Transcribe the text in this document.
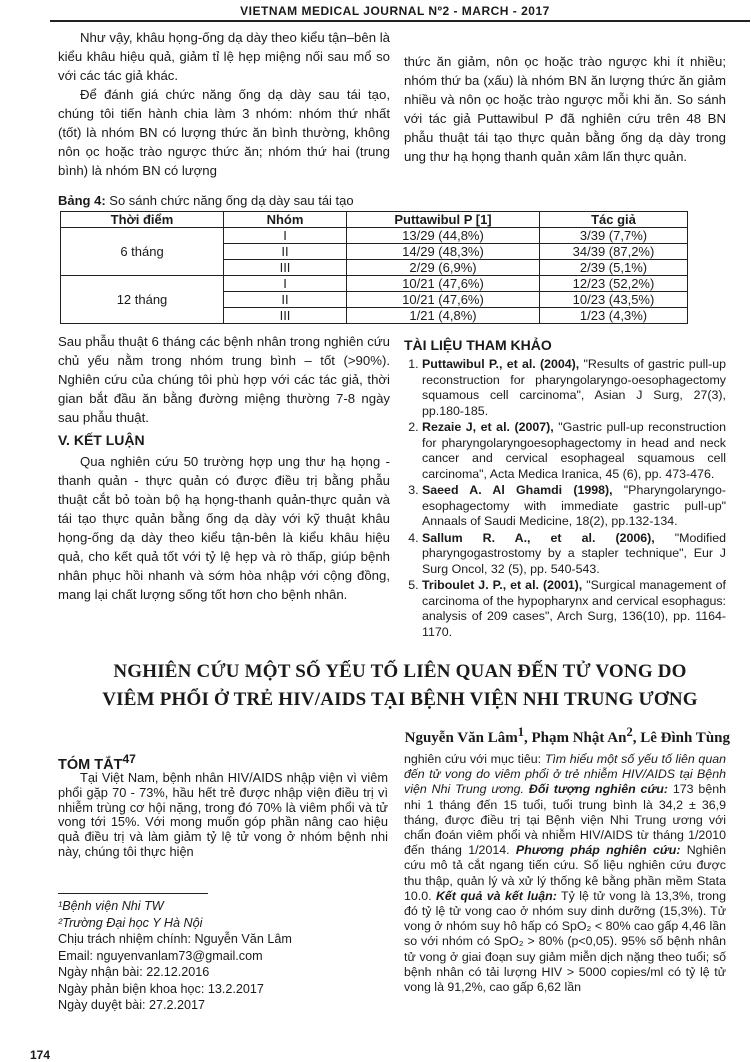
VIETNAM MEDICAL JOURNAL Nº2 - MARCH - 2017

Như vậy, khâu họng-ống dạ dày theo kiểu tận–bên là kiểu khâu hiệu quả, giảm tỉ lệ hẹp miệng nối sau mổ so với các tác giả khác.

Để đánh giá chức năng ống dạ dày sau tái tạo, chúng tôi tiến hành chia làm 3 nhóm: nhóm thứ nhất (tốt) là nhóm BN có lượng thức ăn bình thường, không nôn ọc hoặc trào ngược thức ăn; nhóm thứ hai (trung bình) là nhóm BN có lượng

thức ăn giảm, nôn ọc hoặc trào ngược khi ít nhiều; nhóm thứ ba (xấu) là nhóm BN ăn lượng thức ăn giảm nhiều và nôn ọc hoặc trào ngược mỗi khi ăn. So sánh với tác giả Puttawibul P đã nghiên cứu trên 48 BN phẫu thuật tái tạo thực quản bằng ống dạ dày trong ung thư hạ họng thanh quản xâm lấn thực quản.

Bảng 4: So sánh chức năng ống dạ dày sau tái tạo
Thời điểm	Nhóm	Puttawibul P [1]	Tác giả
6 tháng	I	13/29 (44,8%)	3/39 (7,7%)
	II	14/29 (48,3%)	34/39 (87,2%)
	III	2/29 (6,9%)	2/39 (5,1%)
12 tháng	I	10/21 (47,6%)	12/23 (52,2%)
	II	10/21 (47,6%)	10/23 (43,5%)
	III	1/21 (4,8%)	1/23 (4,3%)

Sau phẫu thuật 6 tháng các bệnh nhân trong nghiên cứu chủ yếu nằm trong nhóm trung bình – tốt (>90%). Nghiên cứu của chúng tôi phù hợp với các tác giả, thời gian bắt đầu ăn bằng đường miệng thường 7-8 ngày sau phẫu thuật.

V. KẾT LUẬN

Qua nghiên cứu 50 trường hợp ung thư hạ họng - thanh quản - thực quản có được điều trị bằng phẫu thuật cắt bỏ toàn bộ hạ họng-thanh quản-thực quản và tái tạo thực quản bằng ống dạ dày với kỹ thuật khâu họng-ống dạ dày theo kiểu tận-bên là kiểu khâu hiệu quả, cho kết quả tốt với tỷ lệ hẹp và rò thấp, giúp bệnh nhân phục hồi nhanh và sớm hòa nhập với cộng đồng, mang lại chất lượng sống tốt hơn cho bệnh nhân.

TÀI LIỆU THAM KHẢO
1. Puttawibul P., et al. (2004), "Results of gastric pull-up reconstruction for pharyngolaryngo-oesophagectomy squamous cell carcinoma", Asian J Surg, 27(3), pp.180-185.
2. Rezaie J, et al. (2007), "Gastric pull-up reconstruction for pharyngolaryngoesophagectomy in head and neck cancer and cervical esophageal squamous cell carcinoma", Acta Medica Iranica, 45 (6), pp. 473-476.
3. Saeed A. Al Ghamdi (1998), "Pharyngolaryngo-esophagectomy with immediate gastric pull-up" Annaals of Saudi Medicine, 18(2), pp.132-134.
4. Sallum R. A., et al. (2006), "Modified pharyngogastrostomy by a stapler technique", Eur J Surg Oncol, 32 (5), pp. 540-543.
5. Triboulet J. P., et al. (2001), "Surgical management of carcinoma of the hypopharynx and cervical esophagus: analysis of 209 cases", Arch Surg, 136(10), pp. 1164-1170.
NGHIÊN CỨU MỘT SỐ YẾU TỐ LIÊN QUAN ĐẾN TỬ VONG DO
VIÊM PHỔI Ở TRẺ HIV/AIDS TẠI BỆNH VIỆN NHI TRUNG ƯƠNG
Nguyễn Văn Lâm$^1$, Phạm Nhật An$^2$, Lê Đình Tùng
TÓM TẮT$^{47}$

Tại Việt Nam, bệnh nhân HIV/AIDS nhập viện vì viêm phổi gặp 70 - 73%, hầu hết trẻ được nhập viện điều trị vì nhiễm trùng cơ hội nặng, trong đó 70% là viêm phổi và tử vong tới 15%. Với mong muốn góp phần nâng cao hiệu quả điều trị và làm giảm tỷ lệ tử vong ở nhóm bệnh nhi này, chúng tôi thực hiện

nghiên cứu với mục tiêu: Tìm hiểu một số yếu tố liên quan đến tử vong do viêm phổi ở trẻ nhiễm HIV/AIDS tại Bệnh viện Nhi Trung ương. Đối tượng nghiên cứu: 173 bệnh nhi 1 tháng đến 15 tuổi, tuổi trung bình là 34,2 ± 36,9 tháng, được điều trị tại Bệnh viện Nhi Trung ương với chẩn đoán viêm phổi và nhiễm HIV/AIDS từ tháng 1/2010 đến tháng 1/2014. Phương pháp nghiên cứu: Nghiên cứu mô tả cắt ngang tiến cứu. Số liệu nghiên cứu được thu thập, quản lý và xử lý thống kê bằng phần mềm Stata 10.0. Kết quả và kết luận: Tỷ lệ tử vong là 13,3%, trong đó tỷ lệ tử vong cao ở nhóm suy dinh dưỡng (15,3%). Tử vong ở nhóm suy hô hấp có SpO₂ < 80% cao gấp 4,46 lần so với nhóm có SpO₂ > 80% (p<0,05). 95% số bệnh nhân tử vong ở giai đoạn suy giảm miễn dịch nặng theo tuổi; số bệnh nhân có tải lượng HIV > 5000 copies/ml có tỷ lệ tử vong là 91,2%, cao gấp 6,62 lần

¹Bệnh viện Nhi TW
²Trường Đại học Y Hà Nội
Chịu trách nhiệm chính: Nguyễn Văn Lâm
Email: nguyenvanlam73@gmail.com
Ngày nhận bài: 22.12.2016
Ngày phản biện khoa học: 13.2.2017
Ngày duyệt bài: 27.2.2017
174
